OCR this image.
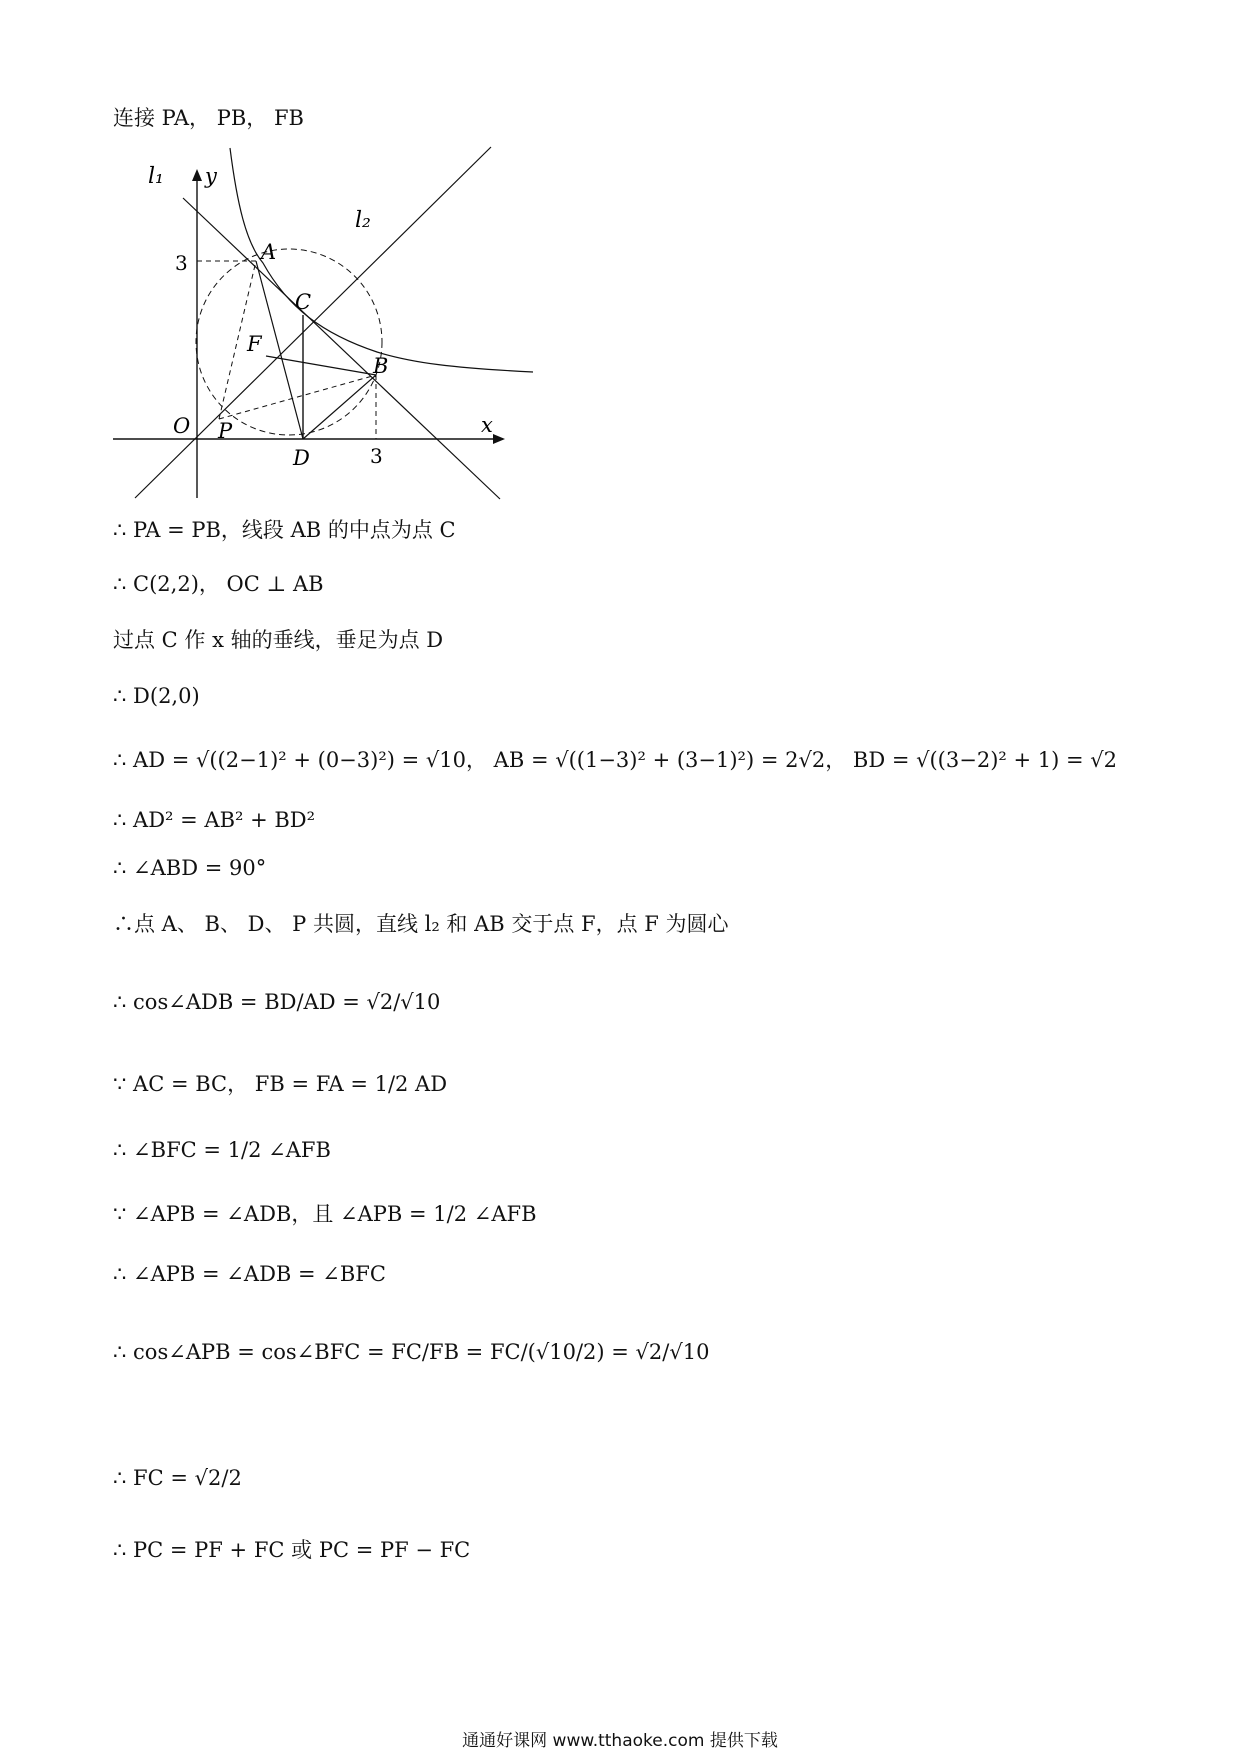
连接 PA， PB， FB
l₁ y
l₂
3	A
C
F
B
O P
D	3
x
∴ PA = PB，线段 AB 的中点为点 C
∴ C(2,2)， OC ⊥ AB
过点 C 作 x 轴的垂线，垂足为点 D
∴ D(2,0)
∴ AD = √((2−1)² + (0−3)²) = √10， AB = √((1−3)² + (3−1)²) = 2√2， BD = √((3−2)² + 1) = √2
∴ AD² = AB² + BD²
∴ ∠ABD = 90°
∴点 A、 B、 D、 P 共圆，直线 l₂ 和 AB 交于点 F，点 F 为圆心
∴ cos∠ADB = BD/AD = √2/√10
∵ AC = BC， FB = FA = 1/2 AD
∴ ∠BFC = 1/2 ∠AFB
∵ ∠APB = ∠ADB，且 ∠APB = 1/2 ∠AFB
∴ ∠APB = ∠ADB = ∠BFC
∴ cos∠APB = cos∠BFC = FC/FB = FC/(√10/2) = √2/√10
∴ FC = √2/2
∴ PC = PF + FC 或 PC = PF − FC
通通好课网 www.tthaoke.com 提供下载
